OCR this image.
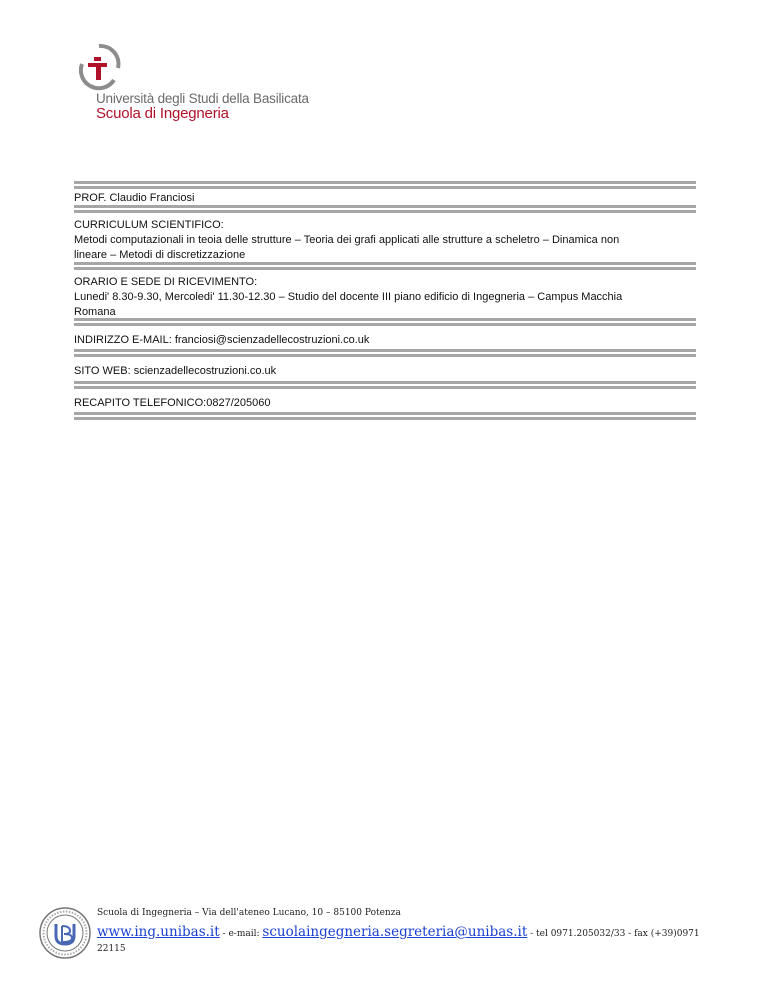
Università degli Studi della Basilicata
Scuola di Ingegneria
PROF. Claudio Franciosi
CURRICULUM SCIENTIFICO:
Metodi computazionali in teoia delle strutture – Teoria dei grafi applicati alle strutture a scheletro – Dinamica non
lineare – Metodi di discretizzazione
ORARIO E SEDE DI RICEVIMENTO:
Lunedi' 8.30-9.30, Mercoledi' 11.30-12.30 – Studio del docente III piano edificio di Ingegneria – Campus Macchia
Romana
INDIRIZZO E-MAIL: franciosi@scienzadellecostruzioni.co.uk
SITO WEB: scienzadellecostruzioni.co.uk
RECAPITO TELEFONICO:0827/205060
Scuola di Ingegneria – Via dell'ateneo Lucano, 10 – 85100 Potenza
www.ing.unibas.it - e-mail: scuolaingegneria.segreteria@unibas.it - tel 0971.205032/33 - fax (+39)0971
22115
